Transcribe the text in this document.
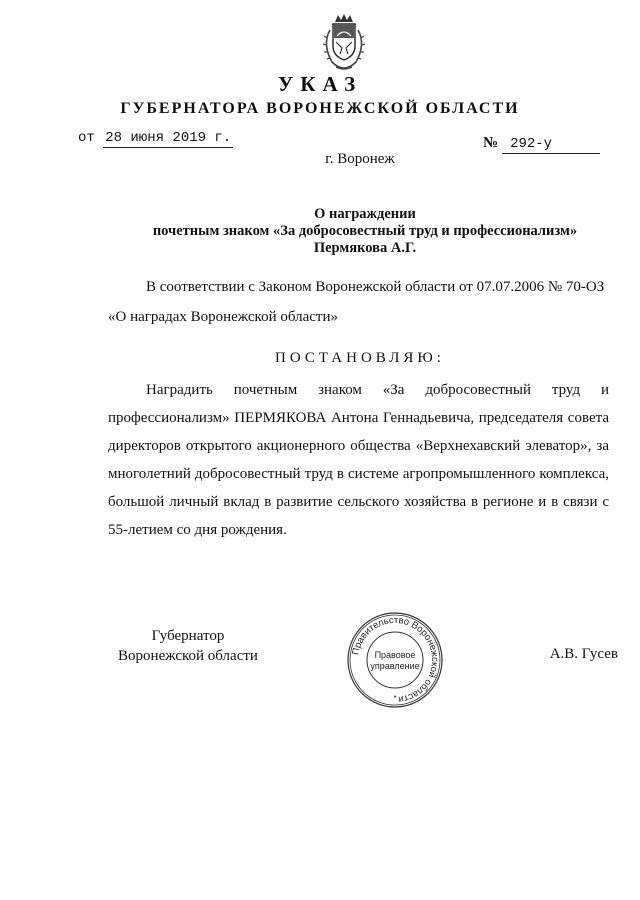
УКАЗ
ГУБЕРНАТОРА ВОРОНЕЖСКОЙ ОБЛАСТИ
от 28 июня 2019 г.	№ 292-у
г. Воронеж
О награждении
почетным знаком «За добросовестный труд и профессионализм»
Пермякова А.Г.
В соответствии с Законом Воронежской области от 07.07.2006 № 70-ОЗ «О наградах Воронежской области»
ПОСТАНОВЛЯЮ:
Наградить почетным знаком «За добросовестный труд и профессионализм» ПЕРМЯКОВА Антона Геннадьевича, председателя совета директоров открытого акционерного общества «Верхнехавский элеватор», за многолетний добросовестный труд в системе агропромышленного комплекса, большой личный вклад в развитие сельского хозяйства в регионе и в связи с 55-летием со дня рождения.
Губернатор
Воронежской области	Правительство Воронежской области
Правовое
управление
*
А.В. Гусев
